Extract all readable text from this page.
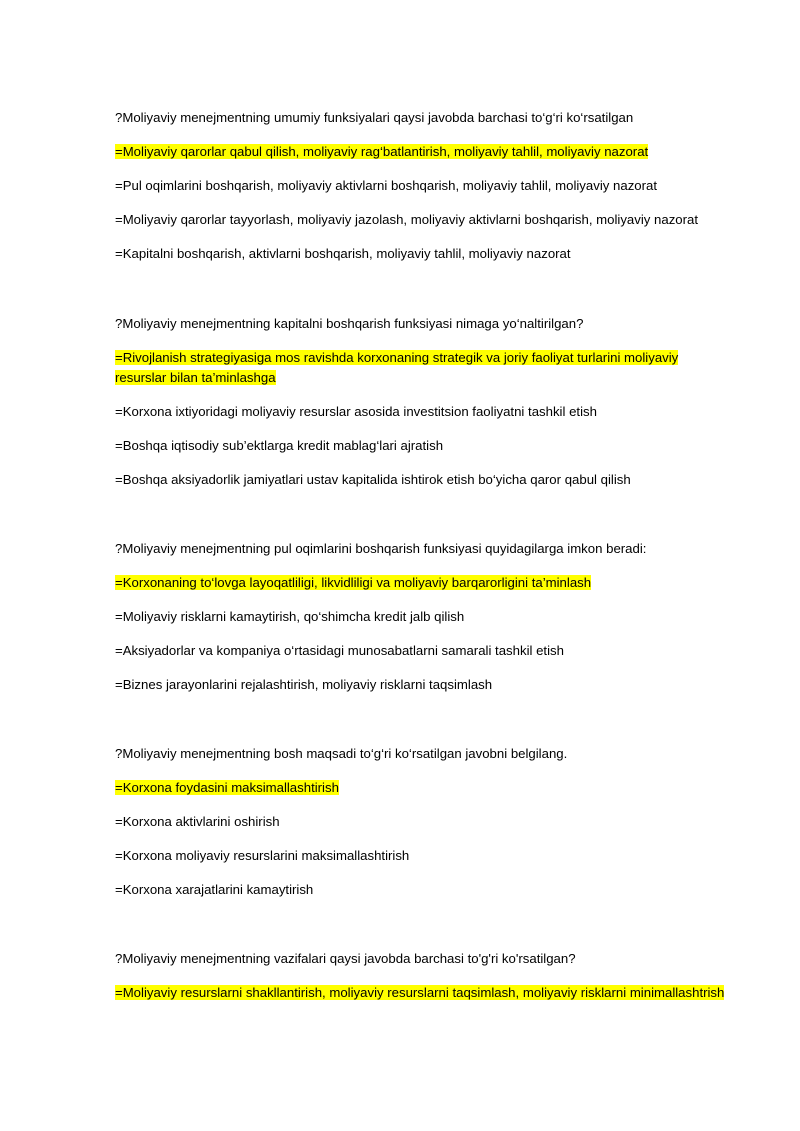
?Moliyaviy menejmentning umumiy funksiyalari qaysi javobda barchasi to‘g‘ri ko‘rsatilgan

=Moliyaviy qarorlar qabul qilish, moliyaviy rag‘batlantirish, moliyaviy tahlil, moliyaviy nazorat

=Pul oqimlarini boshqarish, moliyaviy aktivlarni boshqarish, moliyaviy tahlil, moliyaviy nazorat

=Moliyaviy qarorlar tayyorlash, moliyaviy jazolash, moliyaviy aktivlarni boshqarish, moliyaviy nazorat

=Kapitalni boshqarish, aktivlarni boshqarish, moliyaviy tahlil, moliyaviy nazorat

?Moliyaviy menejmentning kapitalni boshqarish funksiyasi nimaga yo‘naltirilgan?

=Rivojlanish strategiyasiga mos ravishda korxonaning strategik va joriy faoliyat turlarini moliyaviy resurslar bilan ta’minlashga

=Korxona ixtiyoridagi moliyaviy resurslar asosida investitsion faoliyatni tashkil etish

=Boshqa iqtisodiy sub’ektlarga kredit mablag‘lari ajratish

=Boshqa aksiyadorlik jamiyatlari ustav kapitalida ishtirok etish bo‘yicha qaror qabul qilish

?Moliyaviy menejmentning pul oqimlarini boshqarish funksiyasi quyidagilarga imkon beradi:

=Korxonaning to‘lovga layoqatliligi, likvidliligi va moliyaviy barqarorligini ta’minlash

=Moliyaviy risklarni kamaytirish, qo‘shimcha kredit jalb qilish

=Aksiyadorlar va kompaniya o‘rtasidagi munosabatlarni samarali tashkil etish

=Biznes jarayonlarini rejalashtirish, moliyaviy risklarni taqsimlash

?Moliyaviy menejmentning bosh maqsadi to‘g‘ri ko‘rsatilgan javobni belgilang.

=Korxona foydasini maksimallashtirish

=Korxona aktivlarini oshirish

=Korxona moliyaviy resurslarini maksimallashtirish

=Korxona xarajatlarini kamaytirish

?Moliyaviy menejmentning vazifalari qaysi javobda barchasi to'g'ri ko'rsatilgan?

=Moliyaviy resurslarni shakllantirish, moliyaviy resurslarni taqsimlash, moliyaviy risklarni minimallashtrish
